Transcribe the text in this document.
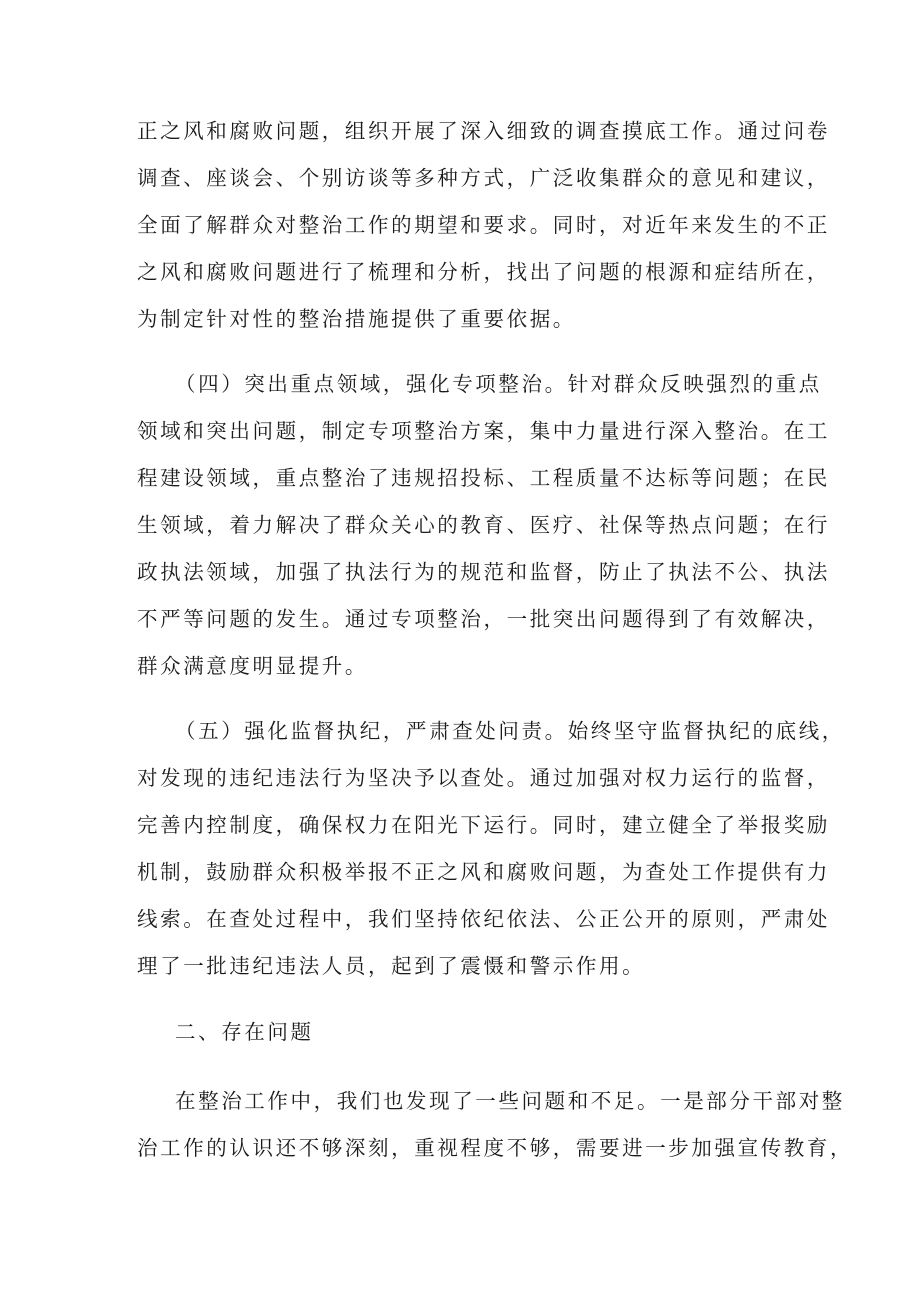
正之风和腐败问题，组织开展了深入细致的调查摸底工作。通过问卷

调查、座谈会、个别访谈等多种方式，广泛收集群众的意见和建议，

全面了解群众对整治工作的期望和要求。同时，对近年来发生的不正

之风和腐败问题进行了梳理和分析，找出了问题的根源和症结所在，

为制定针对性的整治措施提供了重要依据。

（四）突出重点领域，强化专项整治。针对群众反映强烈的重点

领域和突出问题，制定专项整治方案，集中力量进行深入整治。在工

程建设领域，重点整治了违规招投标、工程质量不达标等问题；在民

生领域，着力解决了群众关心的教育、医疗、社保等热点问题；在行

政执法领域，加强了执法行为的规范和监督，防止了执法不公、执法

不严等问题的发生。通过专项整治，一批突出问题得到了有效解决，

群众满意度明显提升。

（五）强化监督执纪，严肃查处问责。始终坚守监督执纪的底线，

对发现的违纪违法行为坚决予以查处。通过加强对权力运行的监督，

完善内控制度，确保权力在阳光下运行。同时，建立健全了举报奖励

机制，鼓励群众积极举报不正之风和腐败问题，为查处工作提供有力

线索。在查处过程中，我们坚持依纪依法、公正公开的原则，严肃处

理了一批违纪违法人员，起到了震慑和警示作用。

二、存在问题

在整治工作中，我们也发现了一些问题和不足。一是部分干部对整

治工作的认识还不够深刻，重视程度不够，需要进一步加强宣传教育，
